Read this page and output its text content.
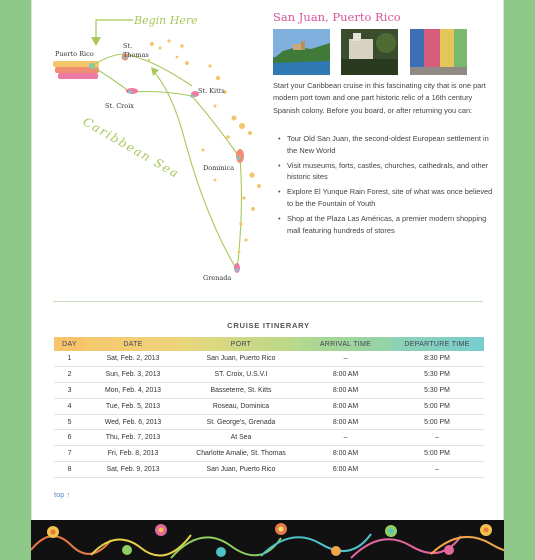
Begin Here
Puerto Rico
St.
Thomas
St. Kitts
St. Croix
Dominica
Grenada
Caribbean Sea
San Juan, Puerto Rico

Start your Caribbean cruise in this fascinating city that is one part modern port town and one part historic relic of a 16th century Spanish colony. Before you board, or after returning you can:

• Tour Old San Juan, the second-oldest European settlement in the New World
• Visit museums, forts, castles, churches, cathedrals, and other historic sites
• Explore El Yunque Rain Forest, site of what was once believed to be the Fountain of Youth
• Shop at the Plaza Las Américas, a premier modern shopping mall featuring hundreds of stores
CRUISE ITINERARY
DAY	DATE	PORT	ARRIVAL TIME	DEPARTURE TIME
1	Sat, Feb. 2, 2013	San Juan, Puerto Rico	–	8:30 PM
2	Sun, Feb. 3, 2013	ST. Croix, U.S.V.I	8:00 AM	5:30 PM
3	Mon, Feb. 4, 2013	Basseterre, St. Kitts	8:00 AM	5:30 PM
4	Tue, Feb. 5, 2013	Roseau, Dominica	8:00 AM	5:00 PM
5	Wed, Feb. 6, 2013	St. George's, Grenada	8:00 AM	5:00 PM
6	Thu, Feb. 7, 2013	At Sea	–	–
7	Fri, Feb. 8, 2013	Charlotte Amalie, St. Thomas	8:00 AM	5:00 PM
8	Sat, Feb. 9, 2013	San Juan, Puerto Rico	6:00 AM	–
top ↑
